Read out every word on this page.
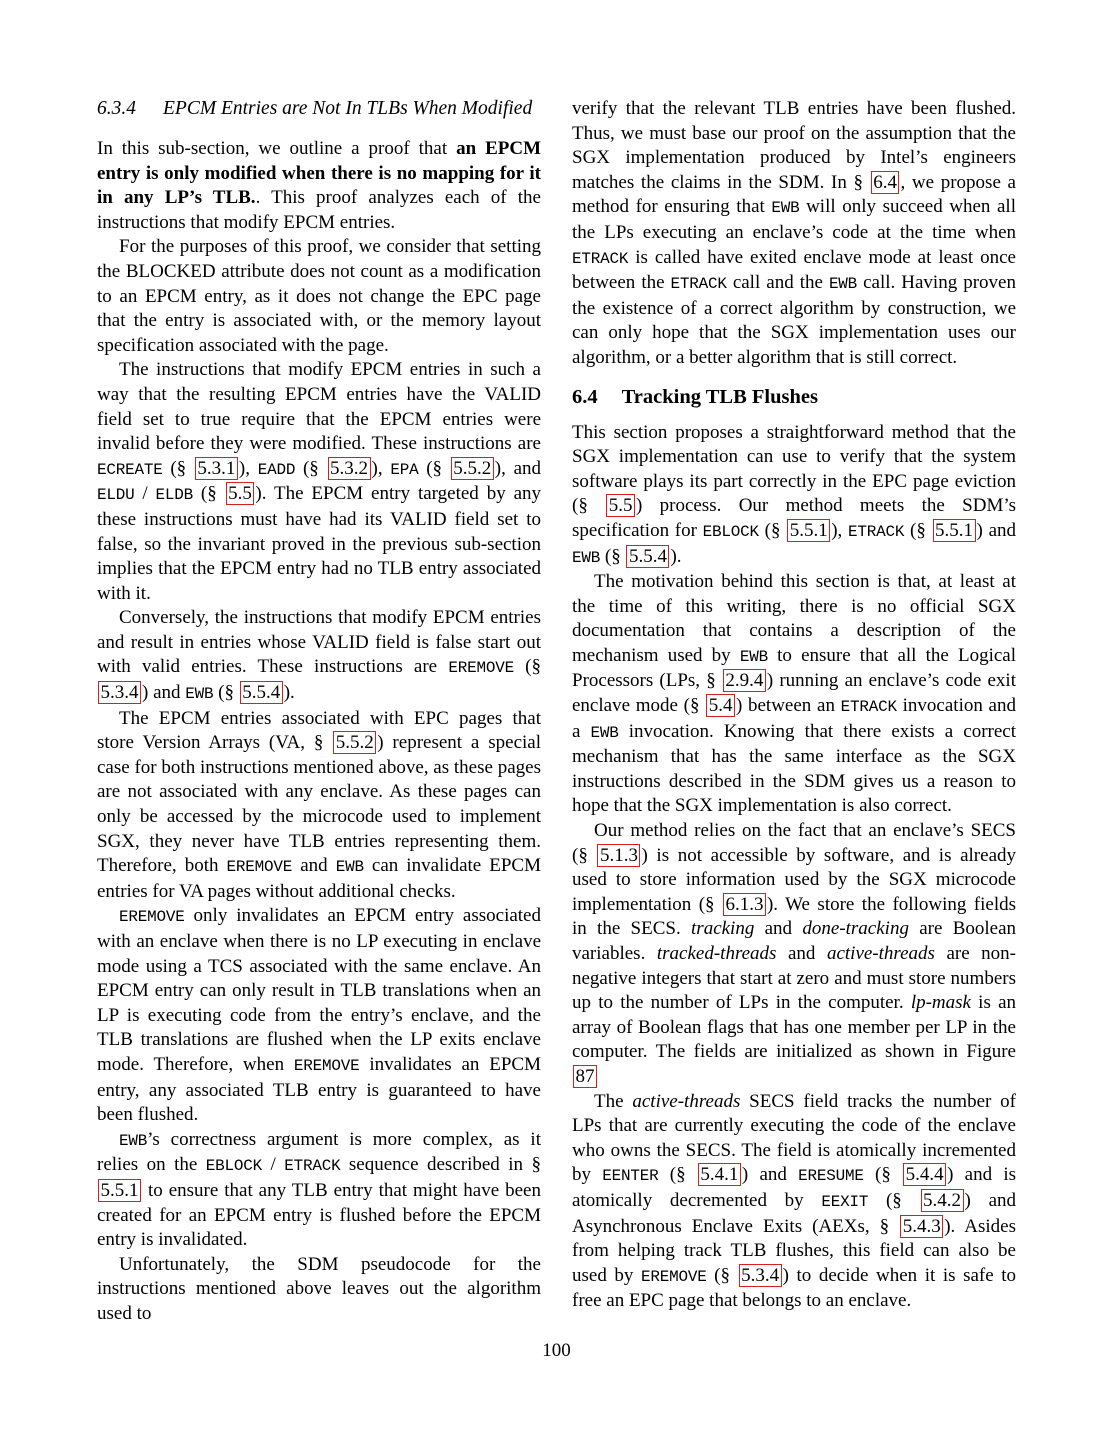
6.3.4 EPCM Entries are Not In TLBs When Modified

In this sub-section, we outline a proof that an EPCM entry is only modified when there is no mapping for it in any LP’s TLB.. This proof analyzes each of the instructions that modify EPCM entries.

For the purposes of this proof, we consider that setting the BLOCKED attribute does not count as a modification to an EPCM entry, as it does not change the EPC page that the entry is associated with, or the memory layout specification associated with the page.

The instructions that modify EPCM entries in such a way that the resulting EPCM entries have the VALID field set to true require that the EPCM entries were invalid before they were modified. These instructions are ECREATE (§ 5.3.1 ), EADD (§ 5.3.2 ), EPA (§ 5.5.2 ), and ELDU / ELDB (§ 5.5 ). The EPCM entry targeted by any these instructions must have had its VALID field set to false, so the invariant proved in the previous sub-section implies that the EPCM entry had no TLB entry associated with it.

Conversely, the instructions that modify EPCM entries and result in entries whose VALID field is false start out with valid entries. These instructions are EREMOVE (§ 5.3.4 ) and EWB (§ 5.5.4 ).

The EPCM entries associated with EPC pages that store Version Arrays (VA, § 5.5.2 ) represent a special case for both instructions mentioned above, as these pages are not associated with any enclave. As these pages can only be accessed by the microcode used to implement SGX, they never have TLB entries representing them. Therefore, both EREMOVE and EWB can invalidate EPCM entries for VA pages without additional checks.

EREMOVE only invalidates an EPCM entry associated with an enclave when there is no LP executing in enclave mode using a TCS associated with the same enclave. An EPCM entry can only result in TLB translations when an LP is executing code from the entry’s enclave, and the TLB translations are flushed when the LP exits enclave mode. Therefore, when EREMOVE invalidates an EPCM entry, any associated TLB entry is guaranteed to have been flushed.

EWB’s correctness argument is more complex, as it relies on the EBLOCK / ETRACK sequence described in § 5.5.1 to ensure that any TLB entry that might have been created for an EPCM entry is flushed before the EPCM entry is invalidated.

Unfortunately, the SDM pseudocode for the instructions mentioned above leaves out the algorithm used to

verify that the relevant TLB entries have been flushed. Thus, we must base our proof on the assumption that the SGX implementation produced by Intel’s engineers matches the claims in the SDM. In § 6.4 , we propose a method for ensuring that EWB will only succeed when all the LPs executing an enclave’s code at the time when ETRACK is called have exited enclave mode at least once between the ETRACK call and the EWB call. Having proven the existence of a correct algorithm by construction, we can only hope that the SGX implementation uses our algorithm, or a better algorithm that is still correct.

6.4 Tracking TLB Flushes

This section proposes a straightforward method that the SGX implementation can use to verify that the system software plays its part correctly in the EPC page eviction (§ 5.5 ) process. Our method meets the SDM’s specification for EBLOCK (§ 5.5.1 ), ETRACK (§ 5.5.1 ) and EWB (§ 5.5.4 ).

The motivation behind this section is that, at least at the time of this writing, there is no official SGX documentation that contains a description of the mechanism used by EWB to ensure that all the Logical Processors (LPs, § 2.9.4 ) running an enclave’s code exit enclave mode (§ 5.4 ) between an ETRACK invocation and a EWB invocation. Knowing that there exists a correct mechanism that has the same interface as the SGX instructions described in the SDM gives us a reason to hope that the SGX implementation is also correct.

Our method relies on the fact that an enclave’s SECS (§ 5.1.3 ) is not accessible by software, and is already used to store information used by the SGX microcode implementation (§ 6.1.3 ). We store the following fields in the SECS. tracking and done-tracking are Boolean variables. tracked-threads and active-threads are non-negative integers that start at zero and must store numbers up to the number of LPs in the computer. lp-mask is an array of Boolean flags that has one member per LP in the computer. The fields are initialized as shown in Figure 87

The active-threads SECS field tracks the number of LPs that are currently executing the code of the enclave who owns the SECS. The field is atomically incremented by EENTER (§ 5.4.1 ) and ERESUME (§ 5.4.4 ) and is atomically decremented by EEXIT (§ 5.4.2 ) and Asynchronous Enclave Exits (AEXs, § 5.4.3 ). Asides from helping track TLB flushes, this field can also be used by EREMOVE (§ 5.3.4 ) to decide when it is safe to free an EPC page that belongs to an enclave.

100
